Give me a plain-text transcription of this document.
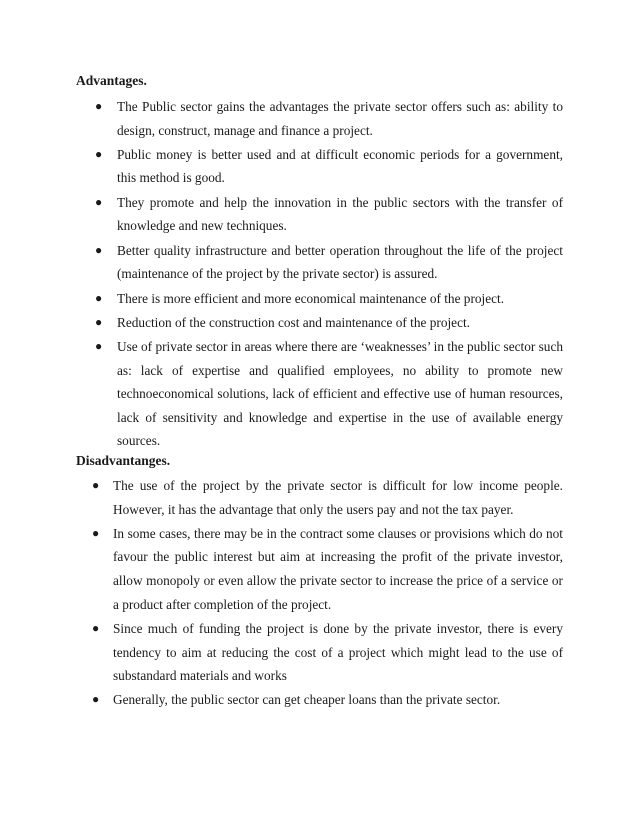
Advantages.
● The Public sector gains the advantages the private sector offers such as: ability to design, construct, manage and finance a project.
● Public money is better used and at difficult economic periods for a government, this method is good.
● They promote and help the innovation in the public sectors with the transfer of knowledge and new techniques.
● Better quality infrastructure and better operation throughout the life of the project (maintenance of the project by the private sector) is assured.
● There is more efficient and more economical maintenance of the project.
● Reduction of the construction cost and maintenance of the project.
● Use of private sector in areas where there are ‘weaknesses’ in the public sector such as: lack of expertise and qualified employees, no ability to promote new technoeconomical solutions, lack of efficient and effective use of human resources, lack of sensitivity and knowledge and expertise in the use of available energy sources.
Disadvantanges.
● The use of the project by the private sector is difficult for low income people. However, it has the advantage that only the users pay and not the tax payer.
● In some cases, there may be in the contract some clauses or provisions which do not favour the public interest but aim at increasing the profit of the private investor, allow monopoly or even allow the private sector to increase the price of a service or a product after completion of the project.
● Since much of funding the project is done by the private investor, there is every tendency to aim at reducing the cost of a project which might lead to the use of substandard materials and works
● Generally, the public sector can get cheaper loans than the private sector.
